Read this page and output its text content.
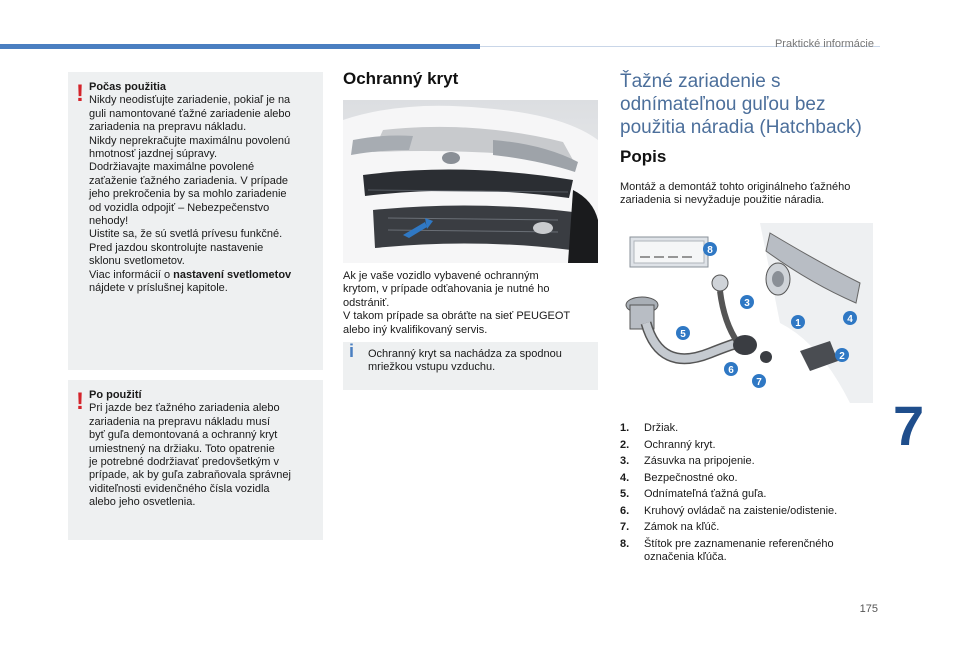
Praktické informácie
7
175
! Počas použitia
Nikdy neodisťujte zariadenie, pokiaľ je na
guli namontované ťažné zariadenie alebo
zariadenia na prepravu nákladu.
Nikdy neprekračujte maximálnu povolenú
hmotnosť jazdnej súpravy.
Dodržiavajte maximálne povolené
zaťaženie ťažného zariadenia. V prípade
jeho prekročenia by sa mohlo zariadenie
od vozidla odpojiť – Nebezpečenstvo
nehody!
Uistite sa, že sú svetlá prívesu funkčné.
Pred jazdou skontrolujte nastavenie
sklonu svetlometov.
Viac informácií o nastavení svetlometov
nájdete v príslušnej kapitole.
! Po použití
Pri jazde bez ťažného zariadenia alebo
zariadenia na prepravu nákladu musí
byť guľa demontovaná a ochranný kryt
umiestnený na držiaku. Toto opatrenie
je potrebné dodržiavať predovšetkým v
prípade, ak by guľa zabraňovala správnej
viditeľnosti evidenčného čísla vozidla
alebo jeho osvetlenia.
Ochranný kryt
Ak je vaše vozidlo vybavené ochranným
krytom, v prípade odťahovania je nutné ho
odstrániť.
V takom prípade sa obráťte na sieť PEUGEOT
alebo iný kvalifikovaný servis.
i Ochranný kryt sa nachádza za spodnou
mriežkou vstupu vzduchu.
Ťažné zariadenie s
odnímateľnou guľou bez
použitia náradia (Hatchback)
Popis
Montáž a demontáž tohto originálneho ťažného
zariadenia si nevyžaduje použitie náradia.
8
1
2
3
4
5
6
7
1. Držiak.
2. Ochranný kryt.
3. Zásuvka na pripojenie.
4. Bezpečnostné oko.
5. Odnímateľná ťažná guľa.
6. Kruhový ovládač na zaistenie/odistenie.
7. Zámok na kľúč.
8. Štítok pre zaznamenanie referenčného
označenia kľúča.
